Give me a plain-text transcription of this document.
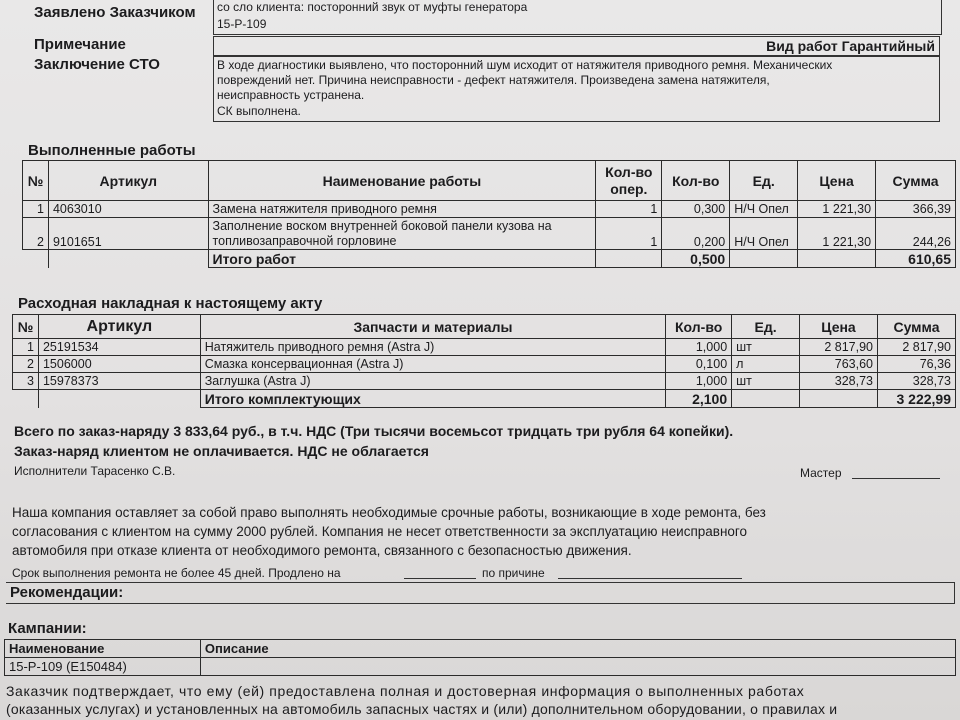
Заявлено Заказчиком со сло клиента: посторонний звук от муфты генератора
15-Р-109
Примечание	Вид работ Гарантийный
Заключение СТО	В ходе диагностики выявлено, что посторонний шум исходит от натяжителя приводного ремня. Механических
повреждений нет. Причина неисправности - дефект натяжителя. Произведена замена натяжителя,
неисправность устранена.
СК выполнена.
Выполненные работы
№	Артикул	Наименование работы	Кол-во опер.	Кол-во	Ед.	Цена	Сумма
1	4063010	Замена натяжителя приводного ремня	1	0,300	Н/Ч Опел	1 221,30	366,39
2	9101651	Заполнение воском внутренней боковой панели кузова на
топливозаправочной горловине	1	0,200	Н/Ч Опел	1 221,30	244,26
		Итого работ		0,500			610,65
Расходная накладная к настоящему акту
№	Артикул	Запчасти и материалы	Кол-во	Ед.	Цена	Сумма
1	25191534	Натяжитель приводного ремня (Astra J)	1,000	шт	2 817,90	2 817,90
2	1506000	Смазка консервационная (Astra J)	0,100	л	763,60	76,36
3	15978373	Заглушка (Astra J)	1,000	шт	328,73	328,73
		Итого комплектующих	2,100			3 222,99
Всего по заказ-наряду 3 833,64 руб., в т.ч. НДС (Три тысячи восемьсот тридцать три рубля 64 копейки).
Заказ-наряд клиентом не оплачивается. НДС не облагается
Исполнители Тарасенко С.В.	Мастер
Наша компания оставляет за собой право выполнять необходимые срочные работы, возникающие в ходе ремонта, без
согласования с клиентом на сумму 2000 рублей. Компания не несет ответственности за эксплуатацию неисправного
автомобиля при отказе клиента от необходимого ремонта, связанного с безопасностью движения.
Срок выполнения ремонта не более 45 дней. Продлено на	по причине
Рекомендации:
Кампании:
Наименование	Описание
15-Р-109 (Е150484)	
Заказчик подтверждает, что ему (ей) предоставлена полная и достоверная информация о выполненных работах
(оказанных услугах) и установленных на автомобиль запасных частях и (или) дополнительном оборудовании, о правилах и
